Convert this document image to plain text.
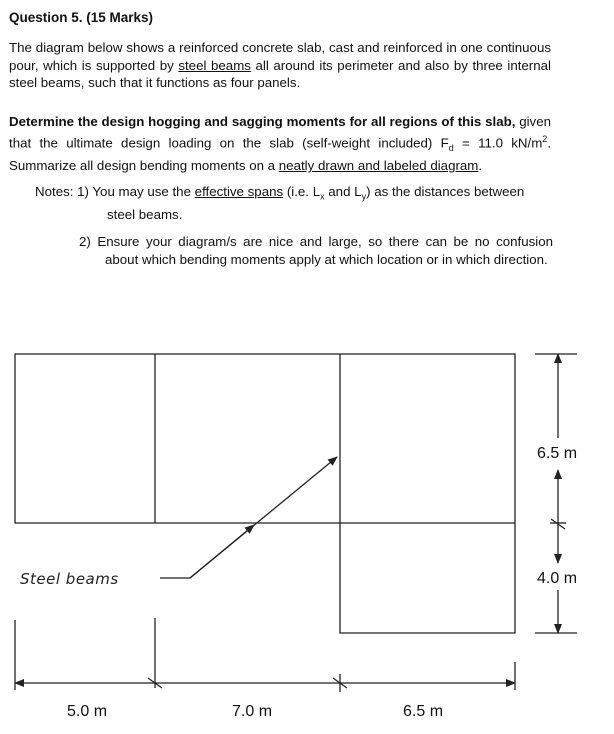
Question 5. (15 Marks)

The diagram below shows a reinforced concrete slab, cast and reinforced in one continuous pour, which is supported by steel beams all around its perimeter and also by three internal steel beams, such that it functions as four panels.

Determine the design hogging and sagging moments for all regions of this slab, given that the ultimate design loading on the slab (self-weight included) $F_d = 11.0$ $kN/m^2$. Summarize all design bending moments on a neatly drawn and labeled diagram.

Notes: 1) You may use the effective spans (i.e. $L_x$ and $L_y$) as the distances between
steel beams.

2) Ensure your diagram/s are nice and large, so there can be no confusion about which bending moments apply at which location or in which direction.

Steel beams
5.0 m	7.0 m	6.5 m
6.5 m
4.0 m
